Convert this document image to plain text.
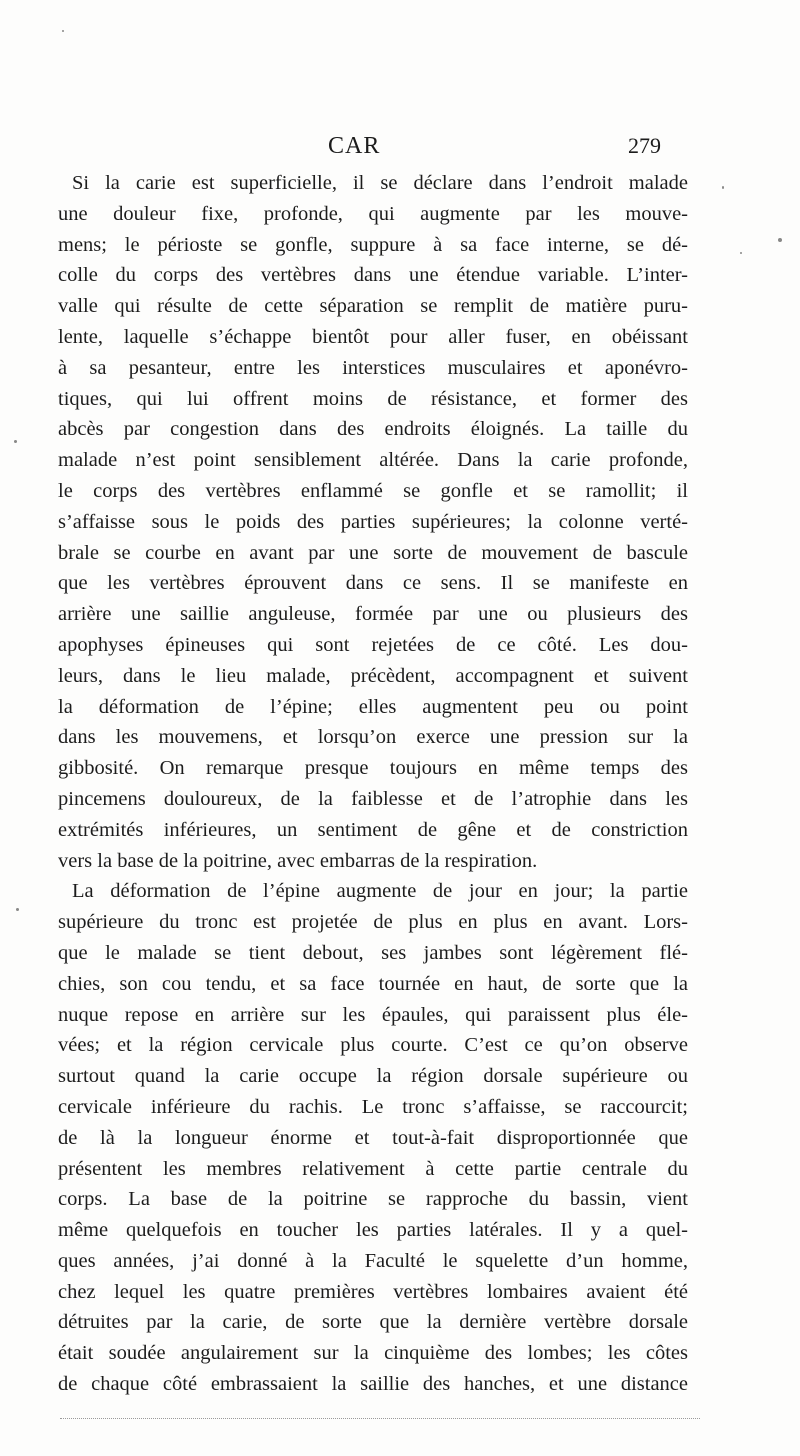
CAR	279
Si la carie est superficielle, il se déclare dans l’endroit malade
une douleur fixe, profonde, qui augmente par les mouve-
mens; le périoste se gonfle, suppure à sa face interne, se dé-
colle du corps des vertèbres dans une étendue variable. L’inter-
valle qui résulte de cette séparation se remplit de matière puru-
lente, laquelle s’échappe bientôt pour aller fuser, en obéissant
à sa pesanteur, entre les interstices musculaires et aponévro-
tiques, qui lui offrent moins de résistance, et former des
abcès par congestion dans des endroits éloignés. La taille du
malade n’est point sensiblement altérée. Dans la carie profonde,
le corps des vertèbres enflammé se gonfle et se ramollit; il
s’affaisse sous le poids des parties supérieures; la colonne verté-
brale se courbe en avant par une sorte de mouvement de bascule
que les vertèbres éprouvent dans ce sens. Il se manifeste en
arrière une saillie anguleuse, formée par une ou plusieurs des
apophyses épineuses qui sont rejetées de ce côté. Les dou-
leurs, dans le lieu malade, précèdent, accompagnent et suivent
la déformation de l’épine; elles augmentent peu ou point
dans les mouvemens, et lorsqu’on exerce une pression sur la
gibbosité. On remarque presque toujours en même temps des
pincemens douloureux, de la faiblesse et de l’atrophie dans les
extrémités inférieures, un sentiment de gêne et de constriction
vers la base de la poitrine, avec embarras de la respiration.
La déformation de l’épine augmente de jour en jour; la partie
supérieure du tronc est projetée de plus en plus en avant. Lors-
que le malade se tient debout, ses jambes sont légèrement flé-
chies, son cou tendu, et sa face tournée en haut, de sorte que la
nuque repose en arrière sur les épaules, qui paraissent plus éle-
vées; et la région cervicale plus courte. C’est ce qu’on observe
surtout quand la carie occupe la région dorsale supérieure ou
cervicale inférieure du rachis. Le tronc s’affaisse, se raccourcit;
de là la longueur énorme et tout-à-fait disproportionnée que
présentent les membres relativement à cette partie centrale du
corps. La base de la poitrine se rapproche du bassin, vient
même quelquefois en toucher les parties latérales. Il y a quel-
ques années, j’ai donné à la Faculté le squelette d’un homme,
chez lequel les quatre premières vertèbres lombaires avaient été
détruites par la carie, de sorte que la dernière vertèbre dorsale
était soudée angulairement sur la cinquième des lombes; les côtes
de chaque côté embrassaient la saillie des hanches, et une distance
